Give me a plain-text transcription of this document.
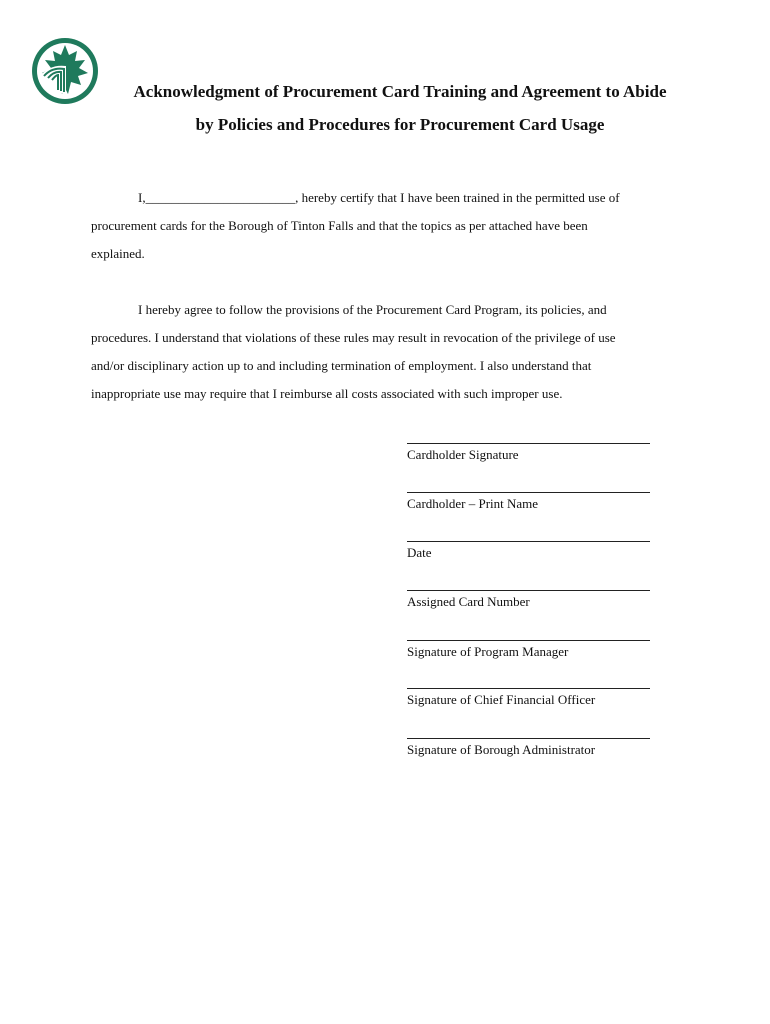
Acknowledgment of Procurement Card Training and Agreement to Abide
by Policies and Procedures for Procurement Card Usage
I,_______________________, hereby certify that I have been trained in the permitted use of
procurement cards for the Borough of Tinton Falls and that the topics as per attached have been
explained.
I hereby agree to follow the provisions of the Procurement Card Program, its policies, and
procedures. I understand that violations of these rules may result in revocation of the privilege of use
and/or disciplinary action up to and including termination of employment. I also understand that
inappropriate use may require that I reimburse all costs associated with such improper use.
Cardholder Signature
Cardholder – Print Name
Date
Assigned Card Number
Signature of Program Manager
Signature of Chief Financial Officer
Signature of Borough Administrator
